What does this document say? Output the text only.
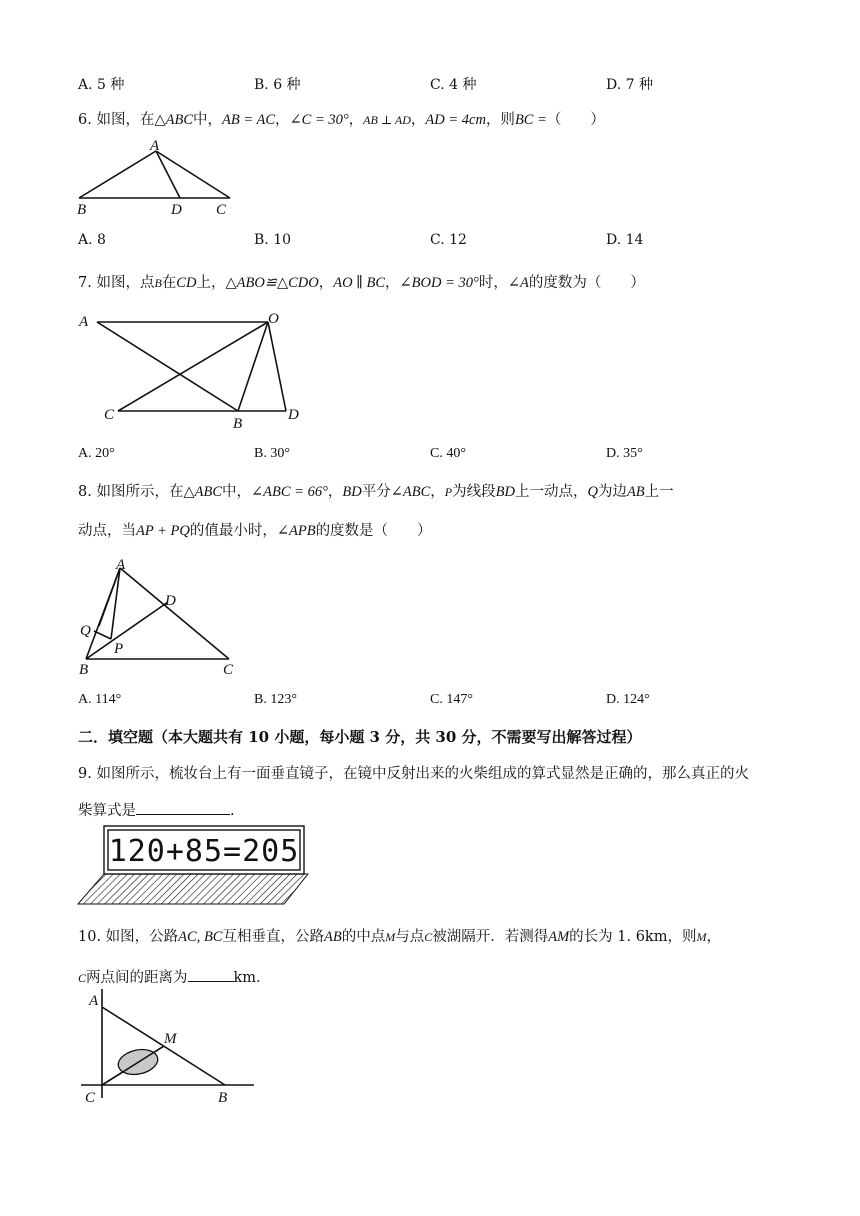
A. 5 种	B. 6 种	C. 4 种	D. 7 种
6. 如图，在△ABC中，AB = AC，∠C = 30°，AB ⊥ AD，AD = 4cm，则BC =（　　）
A
B	D C
A. 8	B. 10	C. 12	D. 14
7. 如图，点B在CD上，△ABO≌△CDO，AO ∥ BC，∠BOD = 30°时，∠A的度数为（　　）
A	O
C
B
D
A. 20°	B. 30°	C. 40°	D. 35°
8. 如图所示，在△ABC中，∠ABC = 66°，BD平分∠ABC，P为线段BD上一动点，Q为边AB上一
动点，当AP + PQ的值最小时，∠APB的度数是（　　）
A
D
Q
P
B	C
A. 114°	B. 123°	C. 147°	D. 124°
二．填空题（本大题共有 10 小题，每小题 3 分，共 30 分，不需要写出解答过程）
9. 如图所示，梳妆台上有一面垂直镜子，在镜中反射出来的火柴组成的算式显然是正确的，那么真正的火
柴算式是	.
120+85=205
10. 如图，公路AC, BC互相垂直，公路AB的中点M与点C被湖隔开．若测得AM的长为 1. 6km，则M，
C两点间的距离为	km．
A
M
C	B
